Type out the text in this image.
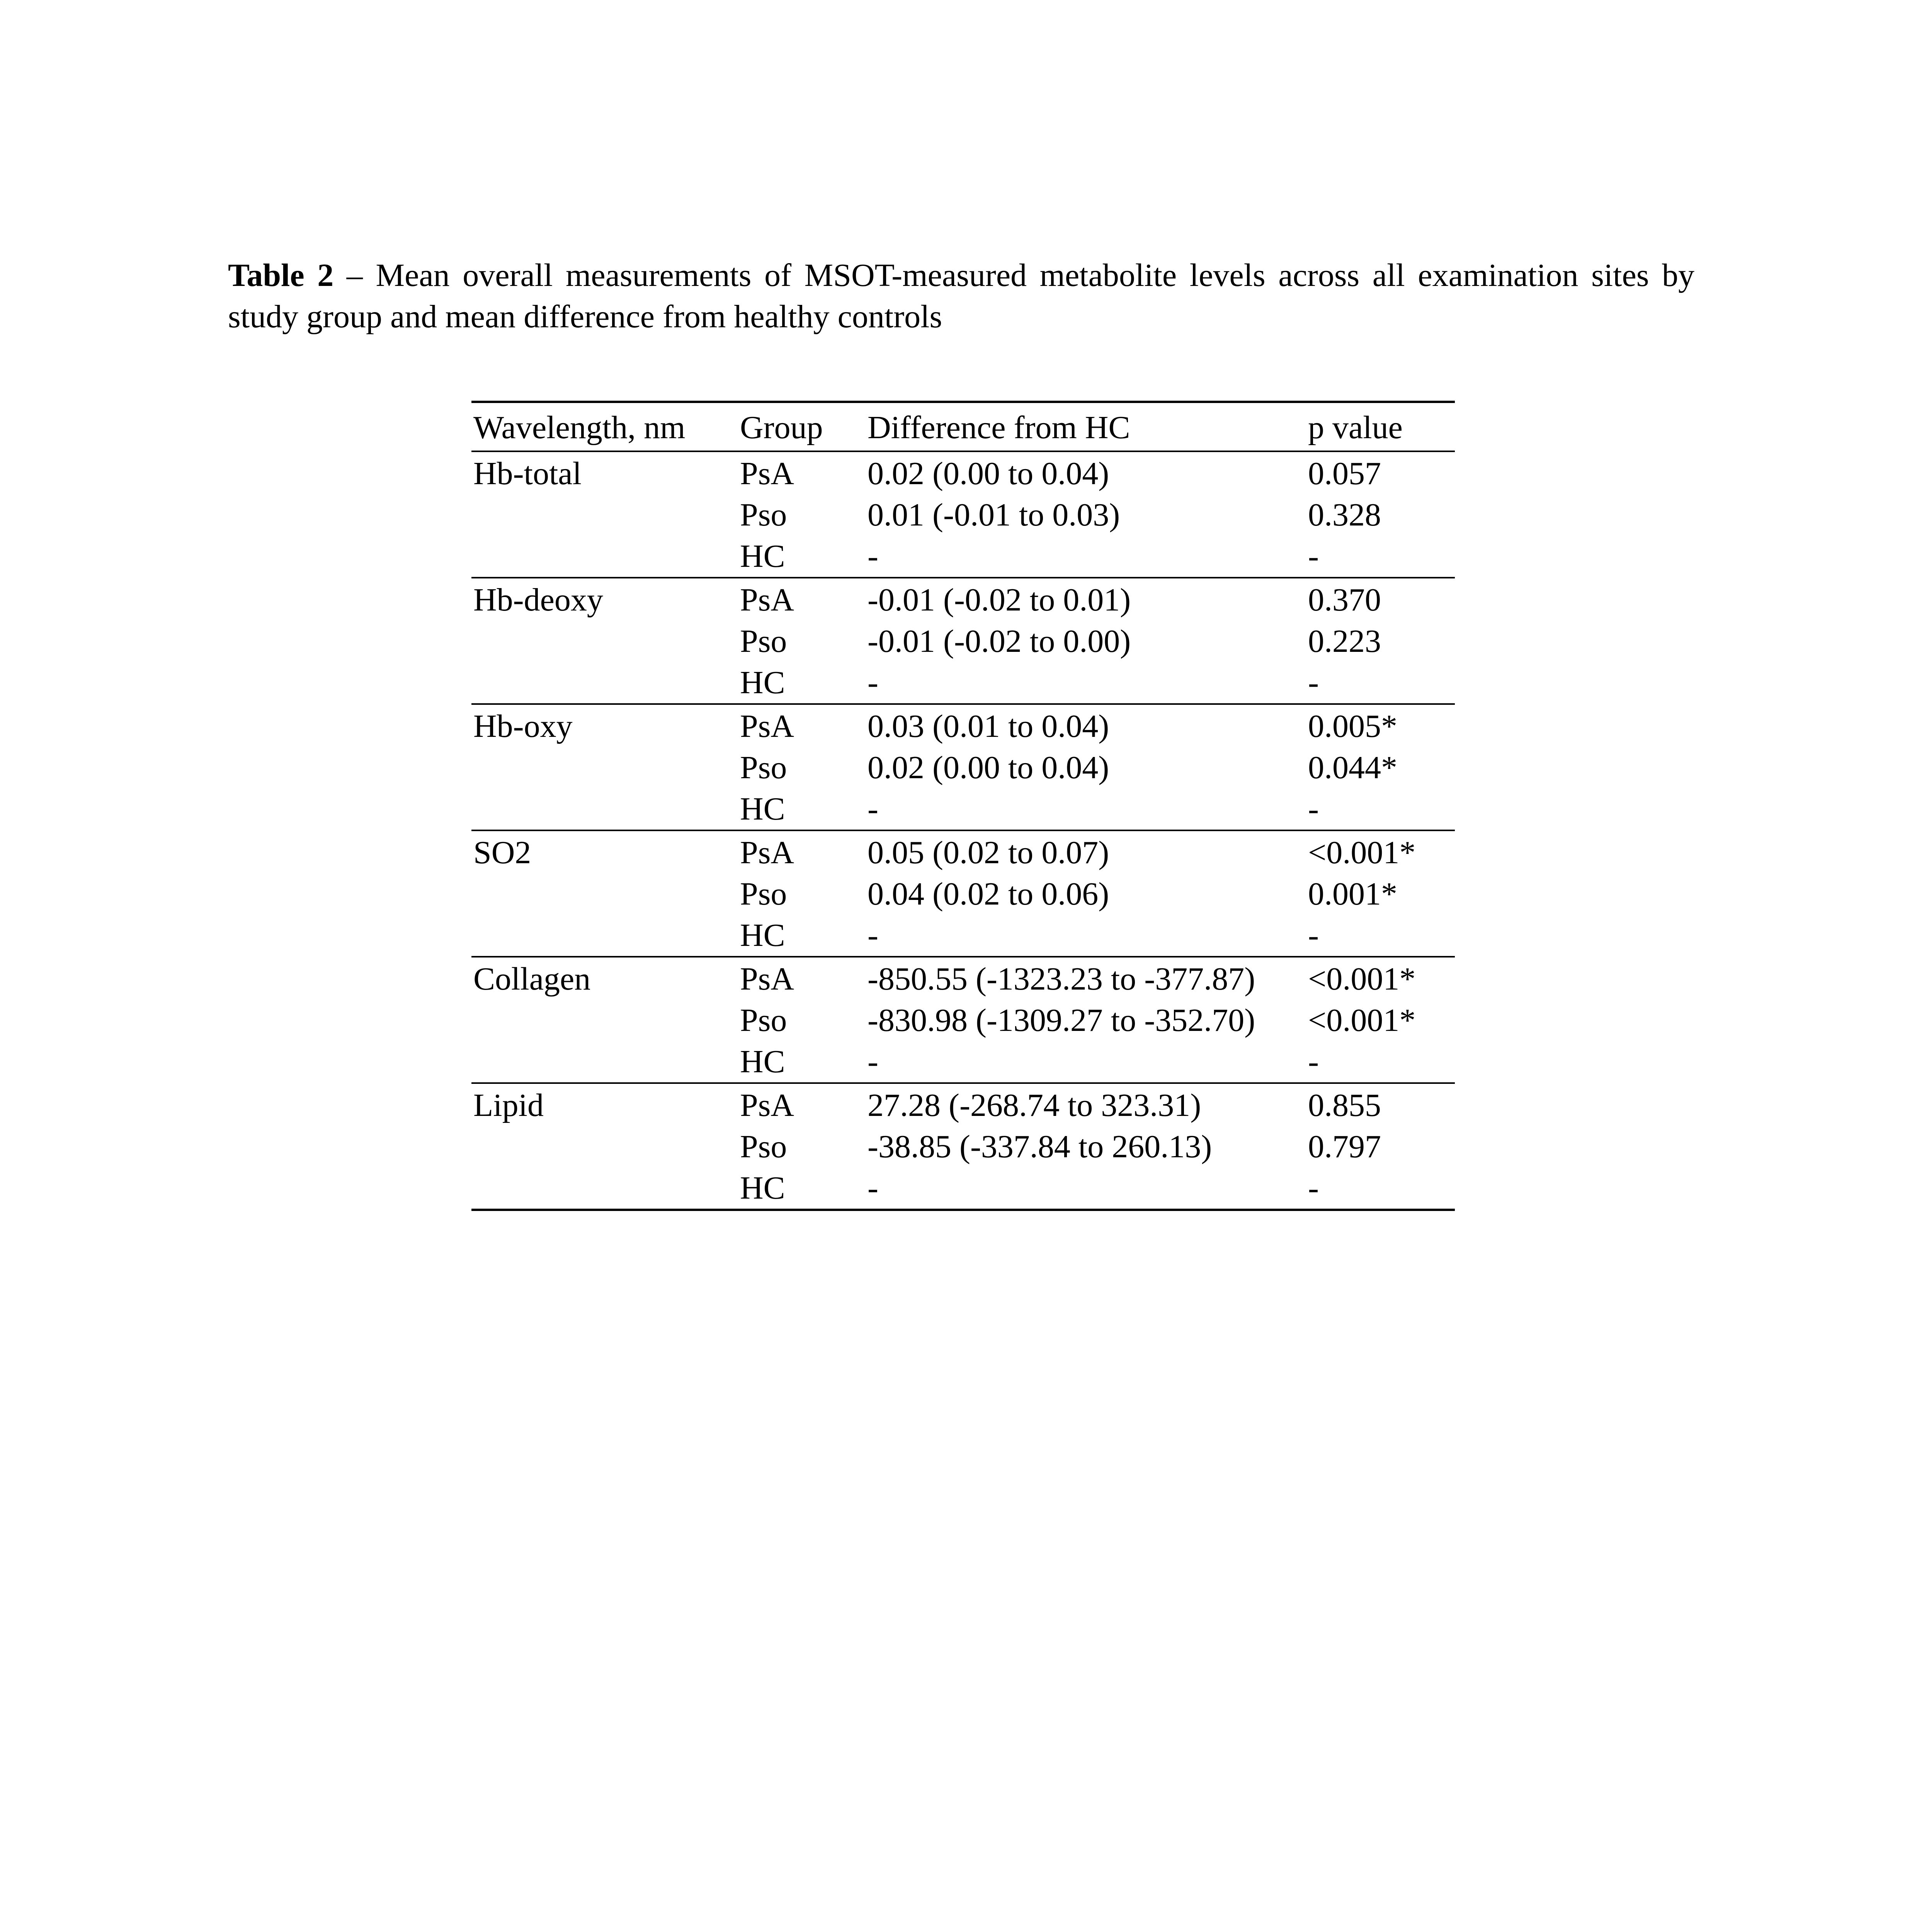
Table 2 – Mean overall measurements of MSOT-measured metabolite levels across all examination sites by study group and mean difference from healthy controls

Wavelength, nm	Group	Difference from HC	p value
Hb-total	PsA	0.02 (0.00 to 0.04)	0.057
	Pso	0.01 (-0.01 to 0.03)	0.328
	HC	-	-
Hb-deoxy	PsA	-0.01 (-0.02 to 0.01)	0.370
	Pso	-0.01 (-0.02 to 0.00)	0.223
	HC	-	-
Hb-oxy	PsA	0.03 (0.01 to 0.04)	0.005*
	Pso	0.02 (0.00 to 0.04)	0.044*
	HC	-	-
SO2	PsA	0.05 (0.02 to 0.07)	<0.001*
	Pso	0.04 (0.02 to 0.06)	0.001*
	HC	-	-
Collagen	PsA	-850.55 (-1323.23 to -377.87)	<0.001*
	Pso	-830.98 (-1309.27 to -352.70)	<0.001*
	HC	-	-
Lipid	PsA	27.28 (-268.74 to 323.31)	0.855
	Pso	-38.85 (-337.84 to 260.13)	0.797
	HC	-	-
